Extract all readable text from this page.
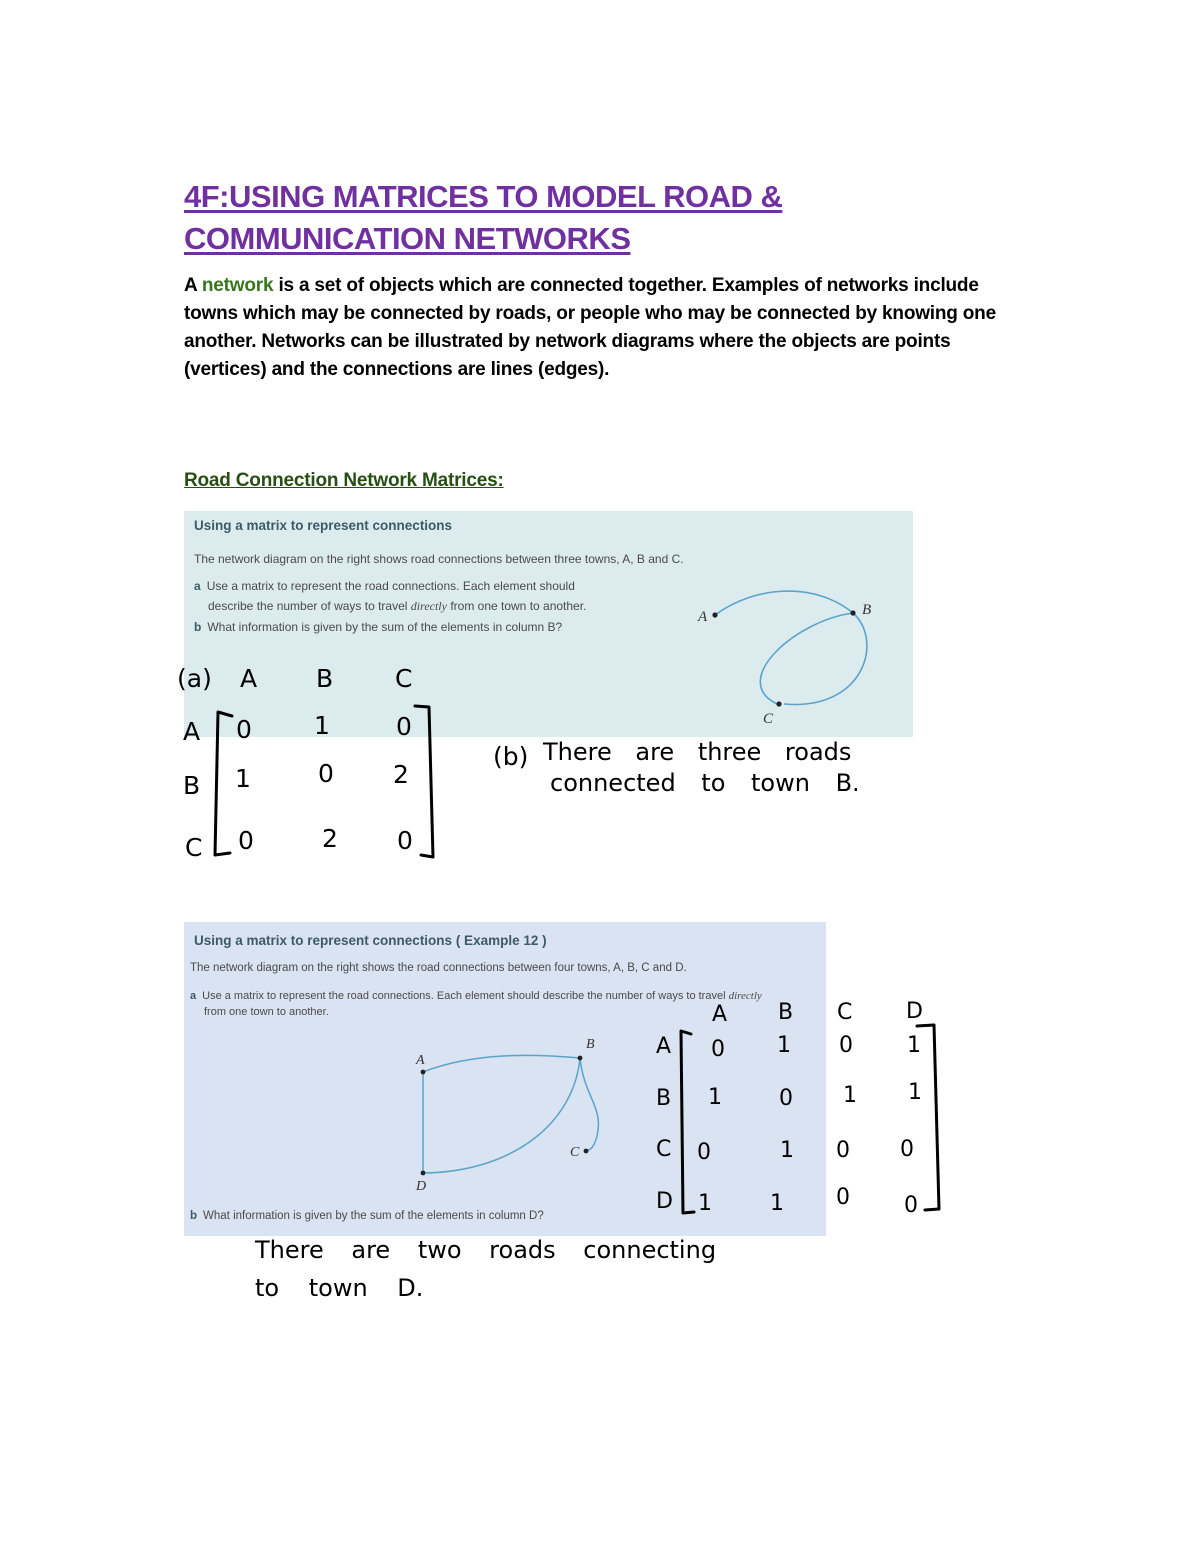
4F:USING MATRICES TO MODEL ROAD &
COMMUNICATION NETWORKS

A network is a set of objects which are connected together. Examples of networks include towns which may be connected by roads, or people who may be connected by knowing one another. Networks can be illustrated by network diagrams where the objects are points (vertices) and the connections are lines (edges).

Road Connection Network Matrices:
Using a matrix to represent connections
The network diagram on the right shows road connections between three towns, A, B and C.
a Use a matrix to represent the road connections. Each element should
describe the number of ways to travel directly from one town to another.
b What information is given by the sum of the elements in column B?
A	B
C
(a) A B C
A
B
C
0 1	0
1	0 2
0	2 0
(b) There are three roads
connected to town B.
Using a matrix to represent connections ( Example 12 )
The network diagram on the right shows the road connections between four towns, A, B, C and D.
a Use a matrix to represent the road connections. Each element should describe the number of ways to travel directly
from one town to another.
b What information is given by the sum of the elements in column D?
A
B
C
D
A B C D
A
B
C
D
0 1 0 1
1	0 1 1
0	1 0 0
1	1 0 0
There are two roads connecting
to town D.
